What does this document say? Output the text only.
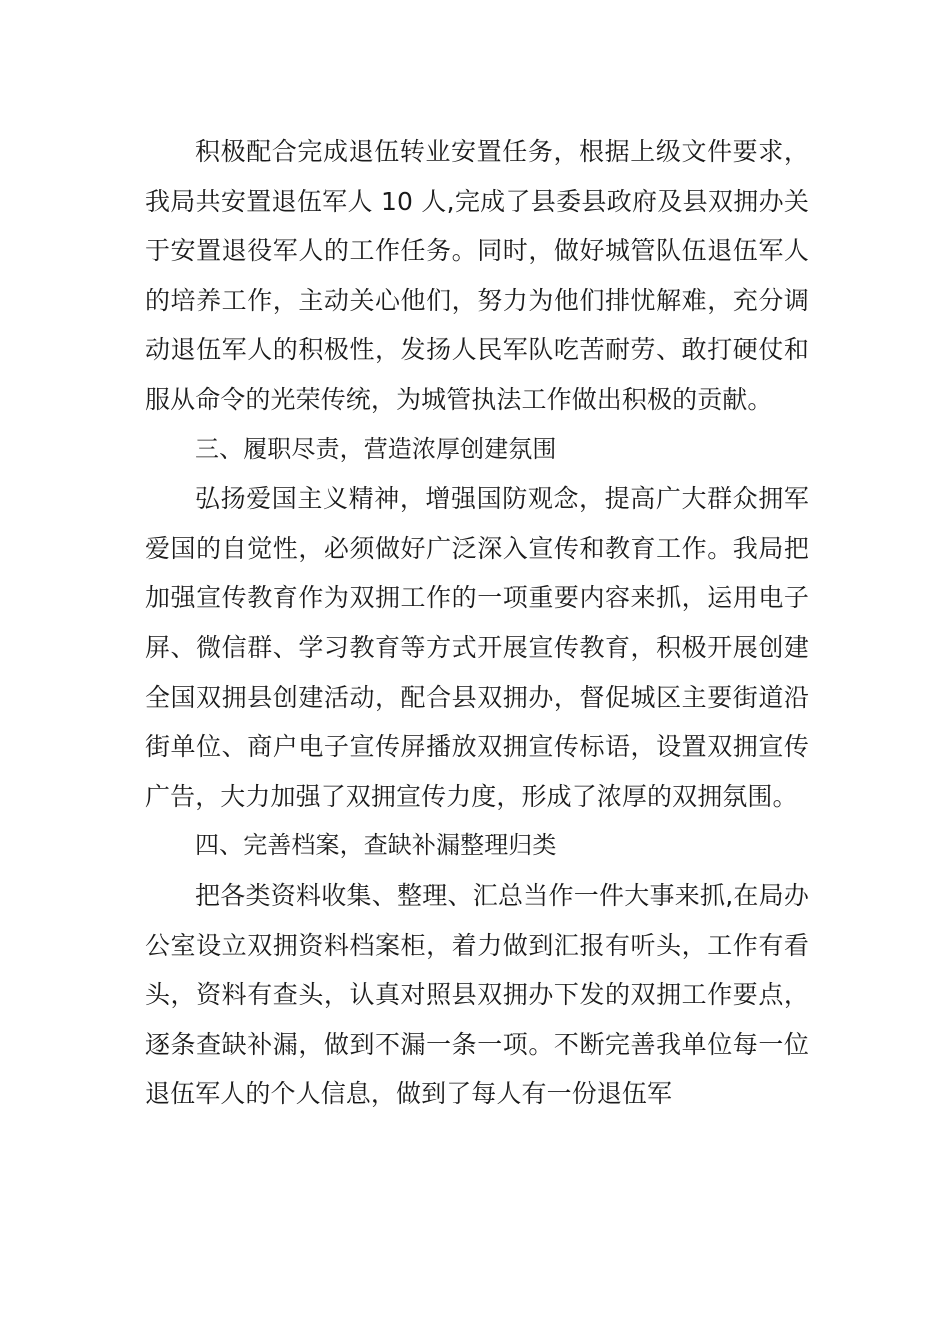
积极配合完成退伍转业安置任务，根据上级文件要求，我局共安置退伍军人 10 人,完成了县委县政府及县双拥办关于安置退役军人的工作任务。同时，做好城管队伍退伍军人的培养工作，主动关心他们，努力为他们排忧解难，充分调动退伍军人的积极性，发扬人民军队吃苦耐劳、敢打硬仗和服从命令的光荣传统，为城管执法工作做出积极的贡献。

三、履职尽责，营造浓厚创建氛围

弘扬爱国主义精神，增强国防观念，提高广大群众拥军爱国的自觉性，必须做好广泛深入宣传和教育工作。我局把加强宣传教育作为双拥工作的一项重要内容来抓，运用电子屏、微信群、学习教育等方式开展宣传教育，积极开展创建全国双拥县创建活动，配合县双拥办，督促城区主要街道沿街单位、商户电子宣传屏播放双拥宣传标语，设置双拥宣传广告，大力加强了双拥宣传力度，形成了浓厚的双拥氛围。

四、完善档案，查缺补漏整理归类

把各类资料收集、整理、汇总当作一件大事来抓,在局办公室设立双拥资料档案柜，着力做到汇报有听头，工作有看头，资料有查头，认真对照县双拥办下发的双拥工作要点，逐条查缺补漏，做到不漏一条一项。不断完善我单位每一位退伍军人的个人信息，做到了每人有一份退伍军
